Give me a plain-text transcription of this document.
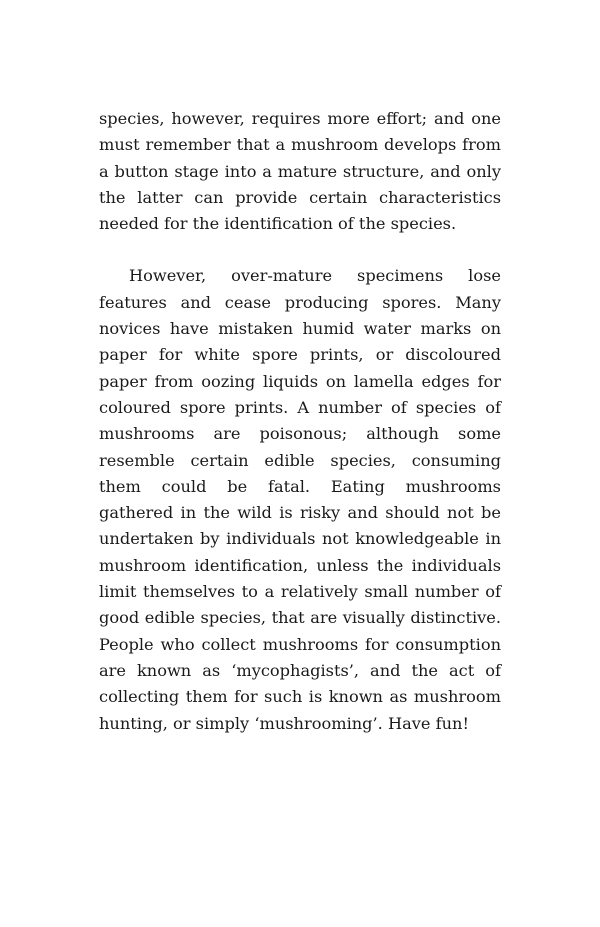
species, however, requires more effort; and one must remember that a mushroom develops from a button stage into a mature structure, and only the latter can provide certain characteristics needed for the identification of the species.

However, over-mature specimens lose features and cease producing spores. Many novices have mistaken humid water marks on paper for white spore prints, or discoloured paper from oozing liquids on lamella edges for coloured spore prints. A number of species of mushrooms are poisonous; although some resemble certain edible species, consuming them could be fatal. Eating mushrooms gathered in the wild is risky and should not be undertaken by individuals not knowledgeable in mushroom identification, unless the individuals limit themselves to a relatively small number of good edible species, that are visually distinctive. People who collect mushrooms for consumption are known as ‘mycophagists’, and the act of collecting them for such is known as mushroom hunting, or simply ‘mushrooming’. Have fun!
